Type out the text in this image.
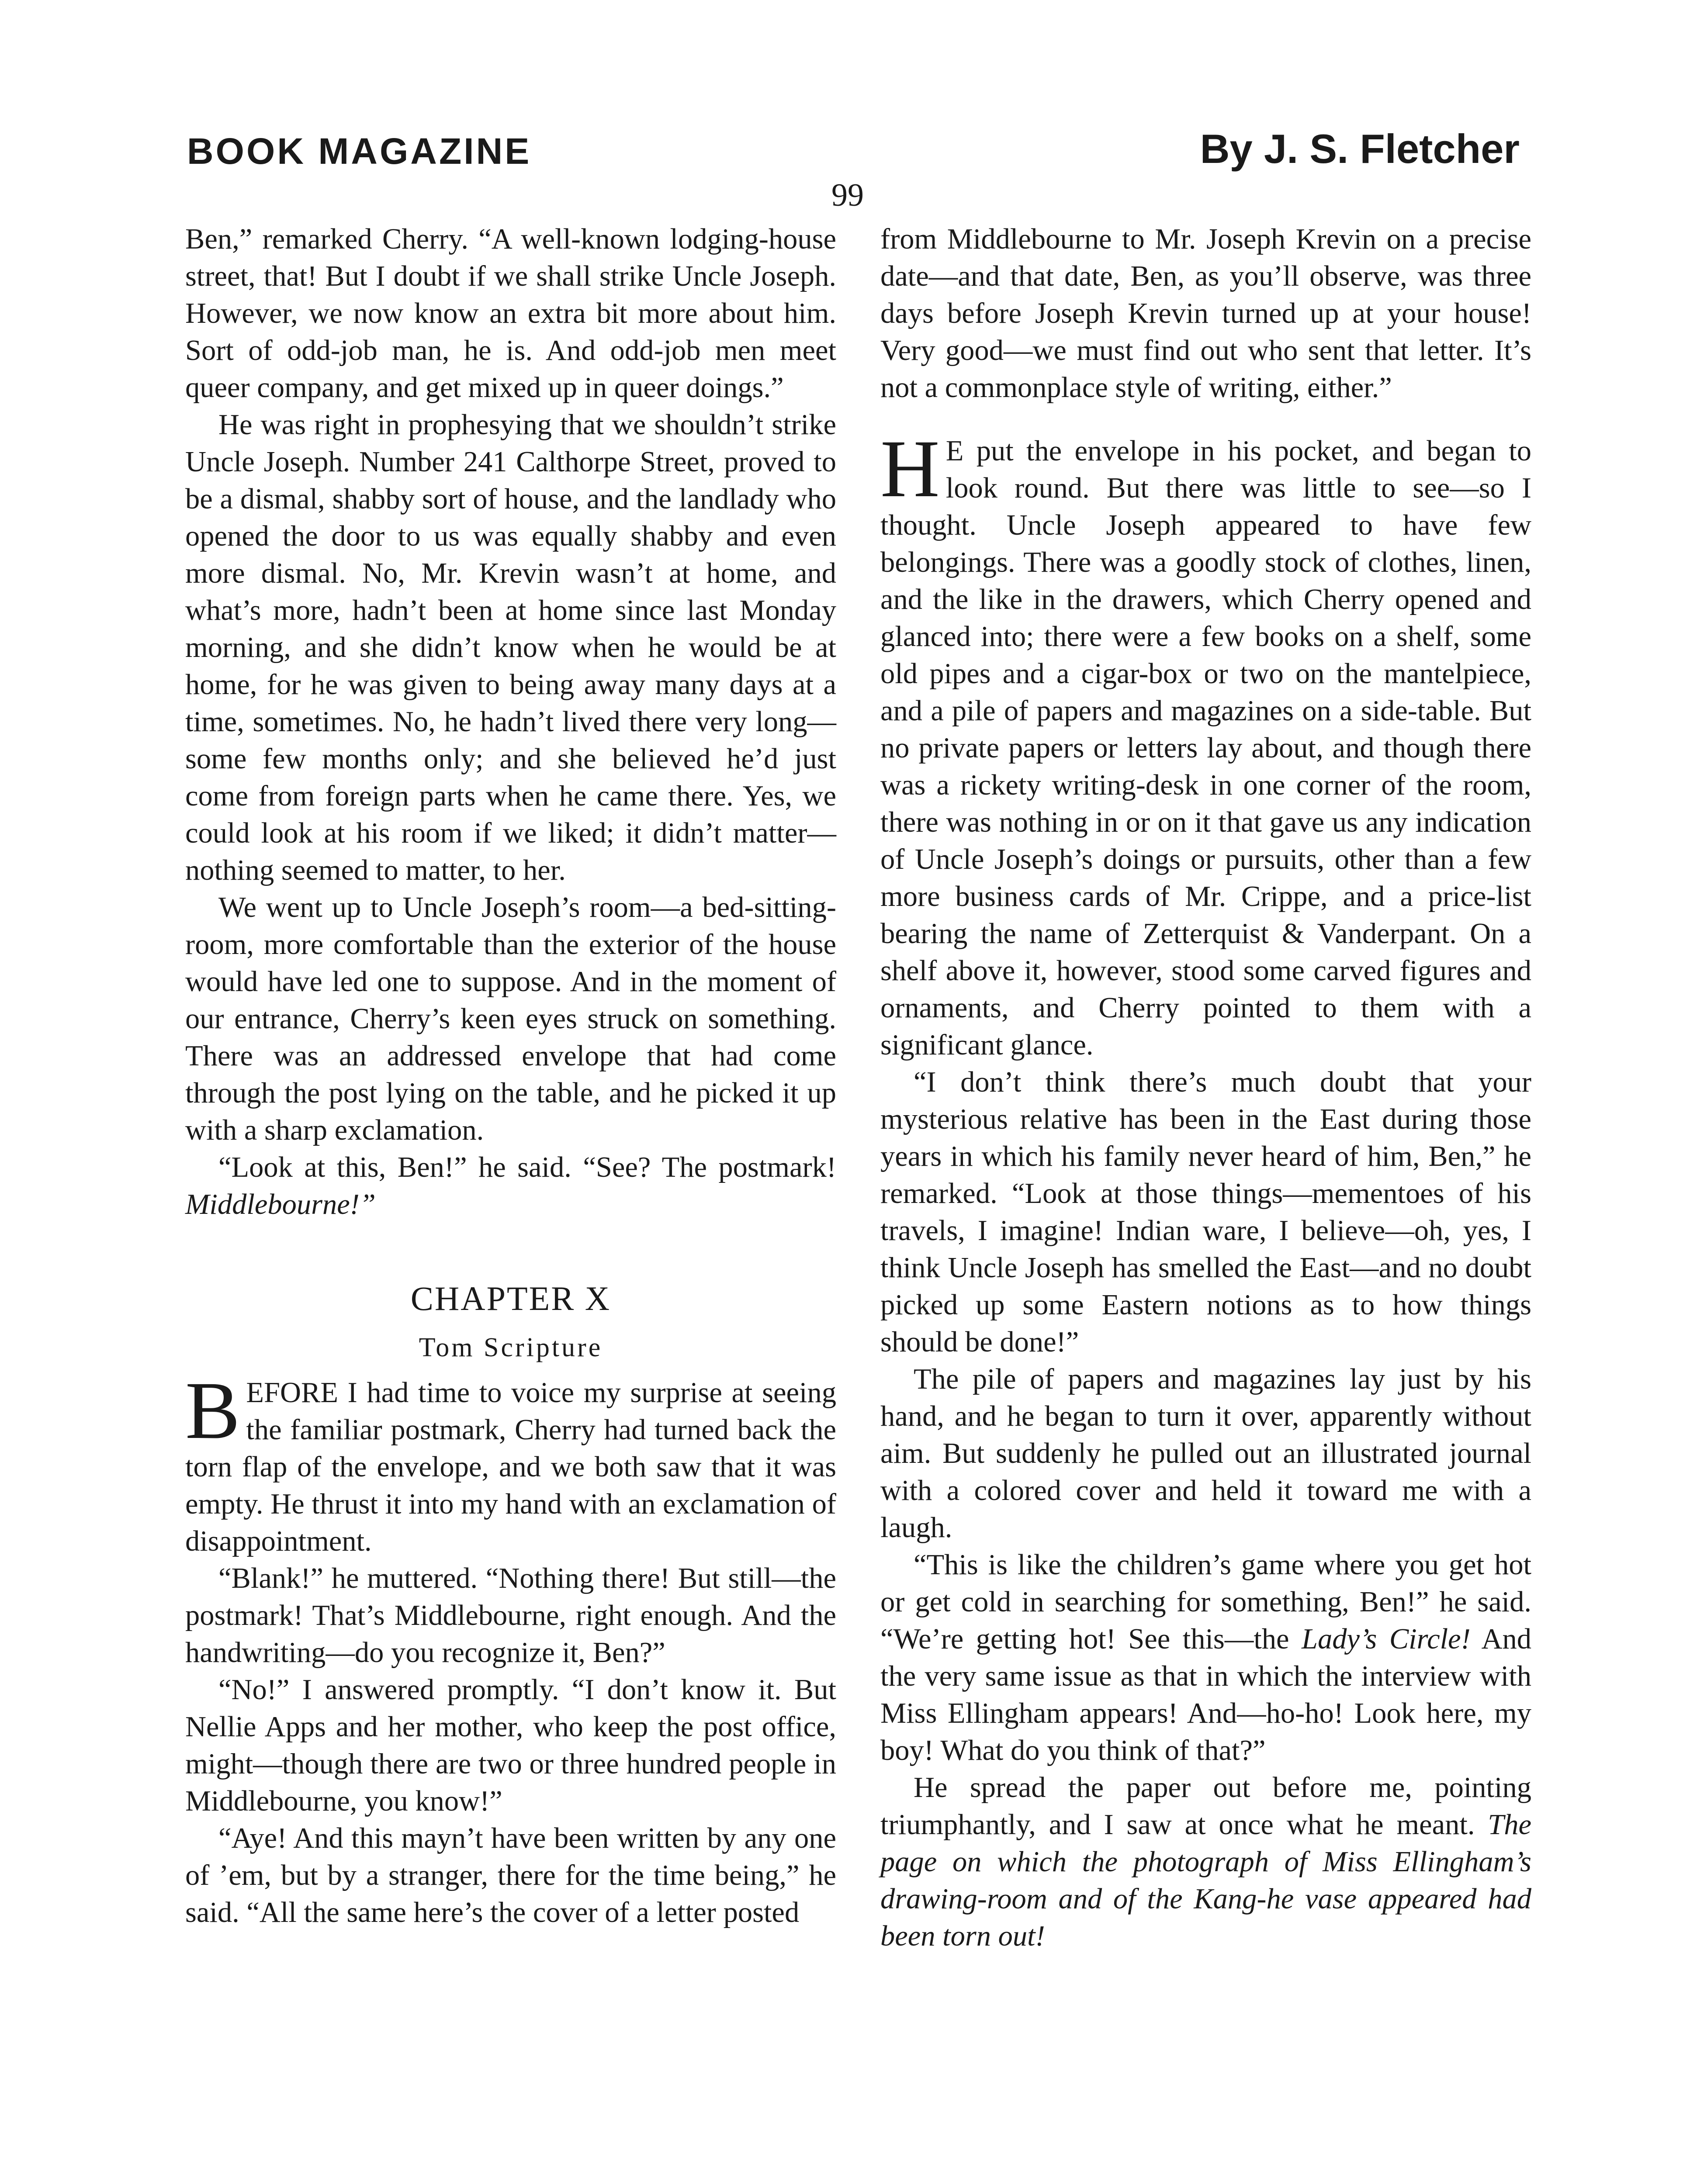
BOOK MAGAZINE	By J. S. Fletcher
99

Ben,” remarked Cherry. “A well-known lodging-house street, that! But I doubt if we shall strike Uncle Joseph. However, we now know an extra bit more about him. Sort of odd-job man, he is. And odd-job men meet queer company, and get mixed up in queer doings.”

He was right in prophesying that we shouldn’t strike Uncle Joseph. Number 241 Calthorpe Street, proved to be a dismal, shabby sort of house, and the landlady who opened the door to us was equally shabby and even more dismal. No, Mr. Krevin wasn’t at home, and what’s more, hadn’t been at home since last Monday morning, and she didn’t know when he would be at home, for he was given to being away many days at a time, sometimes. No, he hadn’t lived there very long—some few months only; and she believed he’d just come from foreign parts when he came there. Yes, we could look at his room if we liked; it didn’t matter—nothing seemed to matter, to her.

We went up to Uncle Joseph’s room—a bed-sitting-room, more comfortable than the exterior of the house would have led one to suppose. And in the moment of our entrance, Cherry’s keen eyes struck on something. There was an addressed envelope that had come through the post lying on the table, and he picked it up with a sharp exclamation.

“Look at this, Ben!” he said. “See? The postmark! Middlebourne!”

CHAPTER X
Tom Scripture

BEFORE I had time to voice my surprise at seeing the familiar postmark, Cherry had turned back the torn flap of the envelope, and we both saw that it was empty. He thrust it into my hand with an exclamation of disappointment.

“Blank!” he muttered. “Nothing there! But still—the postmark! That’s Middlebourne, right enough. And the handwriting—do you recognize it, Ben?”

“No!” I answered promptly. “I don’t know it. But Nellie Apps and her mother, who keep the post office, might—though there are two or three hundred people in Middlebourne, you know!”

“Aye! And this mayn’t have been written by any one of ’em, but by a stranger, there for the time being,” he said. “All the same here’s the cover of a letter posted

from Middlebourne to Mr. Joseph Krevin on a precise date—and that date, Ben, as you’ll observe, was three days before Joseph Krevin turned up at your house! Very good—we must find out who sent that letter. It’s not a commonplace style of writing, either.”

H E put the envelope in his pocket, and began to look round. But there was little to see—so I thought. Uncle Joseph appeared to have few belongings. There was a goodly stock of clothes, linen, and the like in the drawers, which Cherry opened and glanced into; there were a few books on a shelf, some old pipes and a cigar-box or two on the mantelpiece, and a pile of papers and magazines on a side-table. But no private papers or letters lay about, and though there was a rickety writing-desk in one corner of the room, there was nothing in or on it that gave us any indication of Uncle Joseph’s doings or pursuits, other than a few more business cards of Mr. Crippe, and a price-list bearing the name of Zetterquist & Vanderpant. On a shelf above it, however, stood some carved figures and ornaments, and Cherry pointed to them with a significant glance.

“I don’t think there’s much doubt that your mysterious relative has been in the East during those years in which his family never heard of him, Ben,” he remarked. “Look at those things—mementoes of his travels, I imagine! Indian ware, I believe—oh, yes, I think Uncle Joseph has smelled the East—and no doubt picked up some Eastern notions as to how things should be done!”

The pile of papers and magazines lay just by his hand, and he began to turn it over, apparently without aim. But suddenly he pulled out an illustrated journal with a colored cover and held it toward me with a laugh.

“This is like the children’s game where you get hot or get cold in searching for something, Ben!” he said. “We’re getting hot! See this—the Lady’s Circle! And the very same issue as that in which the interview with Miss Ellingham appears! And—ho-ho! Look here, my boy! What do you think of that?”

He spread the paper out before me, pointing triumphantly, and I saw at once what he meant. The page on which the photograph of Miss Ellingham’s drawing-room and of the Kang-he vase appeared had been torn out!
